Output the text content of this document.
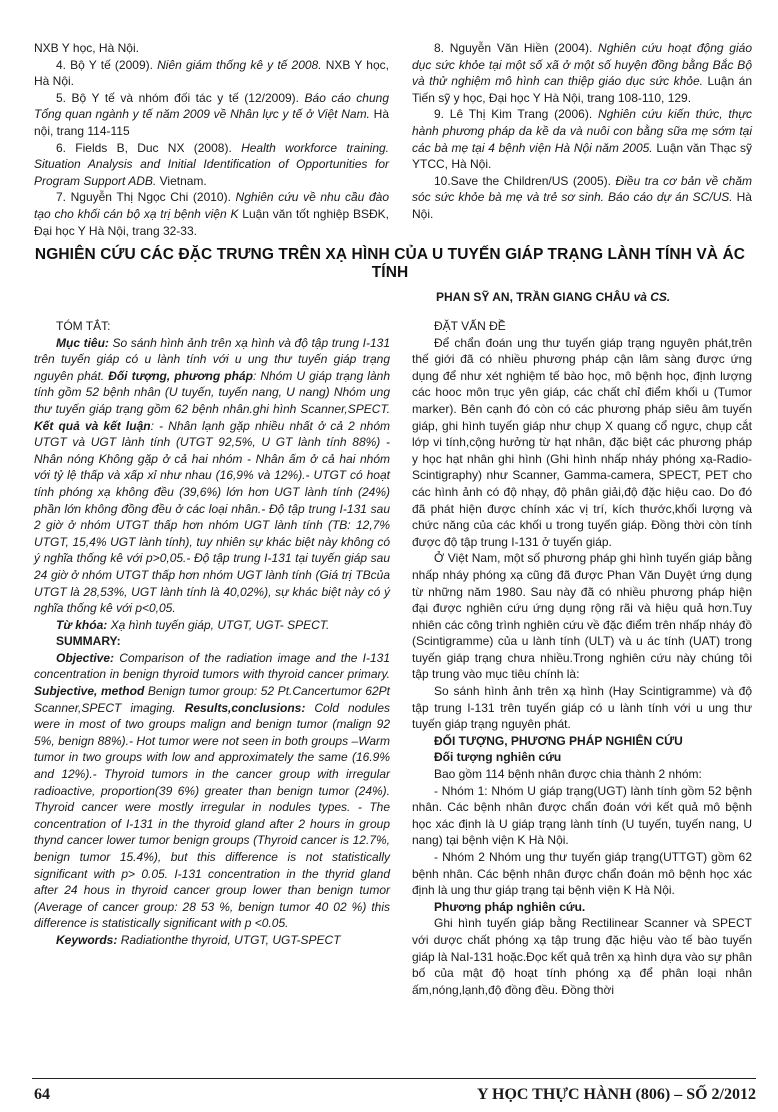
NXB Y học, Hà Nội.

4. Bộ Y tế (2009). Niên giám thống kê y tế 2008. NXB Y học, Hà Nội.

5. Bộ Y tế và nhóm đối tác y tế (12/2009). Báo cáo chung Tổng quan ngành y tế năm 2009 về Nhân lực y tế ở Việt Nam. Hà nội, trang 114-115

6. Fields B, Duc NX (2008). Health workforce training. Situation Analysis and Initial Identification of Opportunities for Program Support ADB. Vietnam.

7. Nguyễn Thị Ngọc Chi (2010). Nghiên cứu về nhu cầu đào tạo cho khối cán bộ xạ trị bệnh viện K Luận văn tốt nghiệp BSĐK, Đại học Y Hà Nội, trang 32-33.

8. Nguyễn Văn Hiền (2004). Nghiên cứu hoạt động giáo dục sức khỏe tại một số xã ở một số huyện đồng bằng Bắc Bộ và thử nghiệm mô hình can thiệp giáo dục sức khỏe. Luận án Tiến sỹ y học, Đại học Y Hà Nội, trang 108-110, 129.

9. Lê Thị Kim Trang (2006). Nghiên cứu kiến thức, thực hành phương pháp da kề da và nuôi con bằng sữa mẹ sớm tại các bà mẹ tại 4 bệnh viện Hà Nội năm 2005. Luận văn Thạc sỹ YTCC, Hà Nội.

10.Save the Children/US (2005). Điều tra cơ bản về chăm sóc sức khỏe bà mẹ và trẻ sơ sinh. Báo cáo dự án SC/US. Hà Nội.

NGHIÊN CỨU CÁC ĐẶC TRƯNG TRÊN XẠ HÌNH CỦA U TUYẾN GIÁP TRẠNG LÀNH TÍNH VÀ ÁC TÍNH
PHAN SỸ AN, TRẦN GIANG CHÂU và CS.

TÓM TẮT:

Mục tiêu: So sánh hình ảnh trên xạ hình và độ tập trung I-131 trên tuyến giáp có u lành tính với u ung thư tuyến giáp trạng nguyên phát. Đối tượng, phương pháp: Nhóm U giáp trạng lành tính gồm 52 bệnh nhân (U tuyến, tuyến nang, U nang) Nhóm ung thư tuyến giáp trạng gồm 62 bệnh nhân.ghi hình Scanner,SPECT. Kết quả và kết luận: - Nhân lạnh gặp nhiều nhất ở cả 2 nhóm UTGT và UGT lành tính (UTGT 92,5%, U GT lành tính 88%) - Nhân nóng Không gặp ở cả hai nhóm - Nhân ấm ở cả hai nhóm với tỷ lệ thấp và xấp xỉ như nhau (16,9% và 12%).- UTGT có hoạt tính phóng xạ không đều (39,6%) lớn hơn UGT lành tính (24%) phần lớn không đồng đều ở các loại nhân.- Độ tập trung I-131 sau 2 giờ ở nhóm UTGT thấp hơn nhóm UGT lành tính (TB: 12,7% UTGT, 15,4% UGT lành tính), tuy nhiên sự khác biệt này không có ý nghĩa thống kê với p>0,05.- Độ tập trung I-131 tại tuyến giáp sau 24 giờ ở nhóm UTGT thấp hơn nhóm UGT lành tính (Giá trị TBcủa UTGT là 28,53%, UGT lành tính là 40,02%), sự khác biệt này có ý nghĩa thống kê với p<0,05.

Từ khóa: Xạ hình tuyến giáp, UTGT, UGT- SPECT.

SUMMARY:

Objective: Comparison of the radiation image and the I-131 concentration in benign thyroid tumors with thyroid cancer primary. Subjective, method Benign tumor group: 52 Pt.Cancertumor 62Pt Scanner,SPECT imaging. Results,conclusions: Cold nodules were in most of two groups malign and benign tumor (malign 92 5%, benign 88%).- Hot tumor were not seen in both groups –Warm tumor in two groups with low and approximately the same (16.9% and 12%).- Thyroid tumors in the cancer group with irregular radioactive, proportion(39 6%) greater than benign tumor (24%). Thyroid cancer were mostly irregular in nodules types. - The concentration of I-131 in the thyroid gland after 2 hours in group thynd cancer lower tumor benign groups (Thyroid cancer is 12.7%, benign tumor 15.4%), but this difference is not statistically significant with p> 0.05. I-131 concentration in the thyrid gland after 24 hous in thyroid cancer group lower than benign tumor (Average of cancer group: 28 53 %, benign tumor 40 02 %) this difference is statistically significant with p <0.05.

Keywords: Radiationthe thyroid, UTGT, UGT-SPECT

ĐẶT VẤN ĐỀ

Để chẩn đoán ung thư tuyến giáp trạng nguyên phát,trên thế giới đã có nhiều phương pháp cận lâm sàng được ứng dụng để như xét nghiệm tế bào học, mô bệnh học, định lượng các hooc môn trục yên giáp, các chất chỉ điểm khối u (Tumor marker). Bên cạnh đó còn có các phương pháp siêu âm tuyến giáp, ghi hình tuyến giáp như chụp X quang cổ ngực, chụp cắt lớp vi tính,cộng hưởng từ hạt nhân, đặc biệt các phương pháp y học hạt nhân ghi hình (Ghi hình nhấp nháy phóng xạ-Radio-Scintigraphy) như Scanner, Gamma-camera, SPECT, PET cho các hình ảnh có độ nhạy, độ phân giải,độ đặc hiệu cao. Do đó đã phát hiện được chính xác vị trí, kích thước,khối lượng và chức năng của các khối u trong tuyến giáp. Đồng thời còn tính được độ tập trung I-131 ở tuyến giáp.

Ở Việt Nam, một số phương pháp ghi hình tuyến giáp bằng nhấp nháy phóng xạ cũng đã được Phan Văn Duyệt ứng dụng từ những năm 1980. Sau này đã có nhiều phương pháp hiện đại được nghiên cứu ứng dụng rộng rãi và hiệu quả hơn.Tuy nhiên các công trình nghiên cứu về đặc điểm trên nhấp nháy đồ (Scintigramme) của u lành tính (ULT) và u ác tính (UAT) trong tuyến giáp trạng chưa nhiều.Trong nghiên cứu này chúng tôi tập trung vào mục tiêu chính là:

So sánh hình ảnh trên xạ hình (Hay Scintigramme) và độ tập trung I-131 trên tuyến giáp có u lành tính với u ung thư tuyến giáp trạng nguyên phát.

ĐỐI TƯỢNG, PHƯƠNG PHÁP NGHIÊN CỨU

Đối tượng nghiên cứu

Bao gồm 114 bệnh nhân được chia thành 2 nhóm:

- Nhóm 1: Nhóm U giáp trạng(UGT) lành tính gồm 52 bệnh nhân. Các bệnh nhân được chẩn đoán với kết quả mô bệnh học xác định là U giáp trạng lành tính (U tuyến, tuyến nang, U nang) tại bệnh viện K Hà Nội.

- Nhóm 2 Nhóm ung thư tuyến giáp trạng(UTTGT) gồm 62 bệnh nhân. Các bệnh nhân được chẩn đoán mô bệnh học xác định là ung thư giáp trạng tại bệnh viện K Hà Nội.

Phương pháp nghiên cứu.

Ghi hình tuyến giáp bằng Rectilinear Scanner và SPECT với dược chất phóng xạ tập trung đặc hiệu vào tế bào tuyến giáp là NaI-131 hoặc.Đọc kết quả trên xạ hình dựa vào sự phân bố của mật độ hoạt tính phóng xạ để phân loại nhân ấm,nóng,lạnh,độ đồng đều. Đồng thời

64	Y HỌC THỰC HÀNH (806) – SỐ 2/2012
